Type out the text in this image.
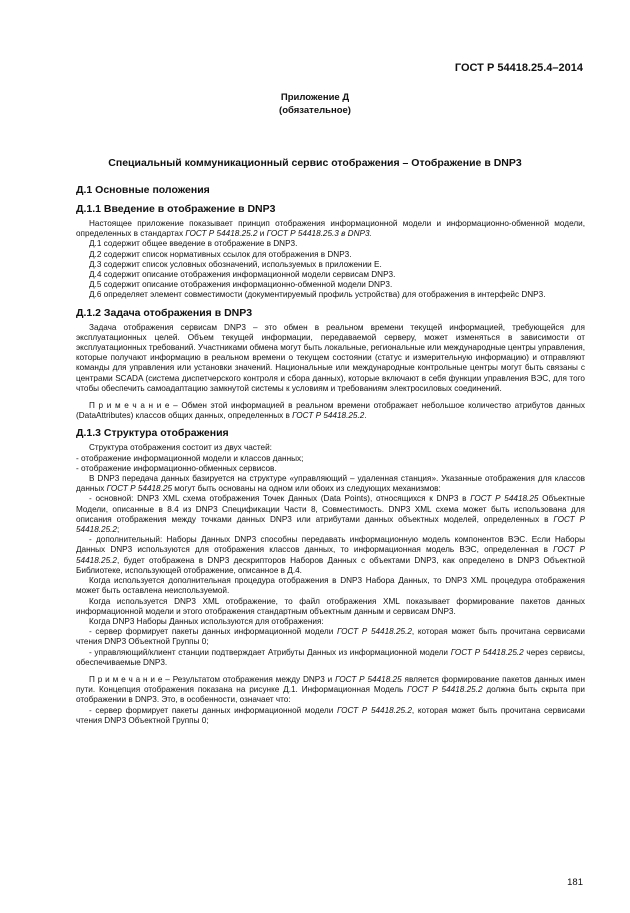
ГОСТ Р 54418.25.4–2014
Приложение Д
(обязательное)
Специальный коммуникационный сервис отображения – Отображение в DNP3
Д.1 Основные положения
Д.1.1 Введение в отображение в DNP3

Настоящее приложение показывает принцип отображения информационной модели и информационно-обменной модели, определенных в стандартах ГОСТ Р 54418.25.2 и ГОСТ Р 54418.25.3 в DNP3.

Д.1 содержит общее введение в отображение в DNP3.

Д.2 содержит список нормативных ссылок для отображения в DNP3.

Д.3 содержит список условных обозначений, используемых в приложении Е.

Д.4 содержит описание отображения информационной модели сервисам DNP3.

Д.5 содержит описание отображения информационно-обменной модели DNP3.

Д.6 определяет элемент совместимости (документируемый профиль устройства) для отображения в интерфейс DNP3.

Д.1.2 Задача отображения в DNP3

Задача отображения сервисам DNP3 – это обмен в реальном времени текущей информацией, требующейся для эксплуатационных целей. Объем текущей информации, передаваемой серверу, может изменяться в зависимости от эксплуатационных требований. Участниками обмена могут быть локальные, региональные или международные центры управления, которые получают информацию в реальном времени о текущем состоянии (статус и измерительную информацию) и отправляют команды для управления или установки значений. Национальные или международные контрольные центры могут быть связаны с центрами SCADA (система диспетчерского контроля и сбора данных), которые включают в себя функции управления ВЭС, для того чтобы обеспечить самоадаптацию замкнутой системы к условиям и требованиям электросиловых соединений.

П р и м е ч а н и е – Обмен этой информацией в реальном времени отображает небольшое количество атрибутов данных (DataAttributes) классов общих данных, определенных в ГОСТ Р 54418.25.2.

Д.1.3 Структура отображения

Структура отображения состоит из двух частей:

- отображение информационной модели и классов данных;

- отображение информационно-обменных сервисов.

В DNP3 передача данных базируется на структуре «управляющий – удаленная станция». Указанные отображения для классов данных ГОСТ Р 54418.25 могут быть основаны на одном или обоих из следующих механизмов:

- основной: DNP3 XML схема отображения Точек Данных (Data Points), относящихся к DNP3 в ГОСТ Р 54418.25 Объектные Модели, описанные в 8.4 из DNP3 Спецификации Части 8, Совместимость. DNP3 XML схема может быть использована для описания отображения между точками данных DNP3 или атрибутами данных объектных моделей, определенных в ГОСТ Р 54418.25.2;

- дополнительный: Наборы Данных DNP3 способны передавать информационную модель компонентов ВЭС. Если Наборы Данных DNP3 используются для отображения классов данных, то информационная модель ВЭС, определенная в ГОСТ Р 54418.25.2, будет отображена в DNP3 дескрипторов Наборов Данных с объектами DNP3, как определено в DNP3 Объектной Библиотеке, использующей отображение, описанное в Д.4.

Когда используется дополнительная процедура отображения в DNP3 Набора Данных, то DNP3 XML процедура отображения может быть оставлена неиспользуемой.

Когда используется DNP3 XML отображение, то файл отображения XML показывает формирование пакетов данных информационной модели и этого отображения стандартным объектным данным и сервисам DNP3.

Когда DNP3 Наборы Данных используются для отображения:

- сервер формирует пакеты данных информационной модели ГОСТ Р 54418.25.2, которая может быть прочитана сервисами чтения DNP3 Объектной Группы 0;

- управляющий/клиент станции подтверждает Атрибуты Данных из информационной модели ГОСТ Р 54418.25.2 через сервисы, обеспечиваемые DNP3.

П р и м е ч а н и е – Результатом отображения между DNP3 и ГОСТ Р 54418.25 является формирование пакетов данных имен пути. Концепция отображения показана на рисунке Д.1. Информационная Модель ГОСТ Р 54418.25.2 должна быть скрыта при отображении в DNP3. Это, в особенности, означает что:

- сервер формирует пакеты данных информационной модели ГОСТ Р 54418.25.2, которая может быть прочитана сервисами чтения DNP3 Объектной Группы 0;

181
